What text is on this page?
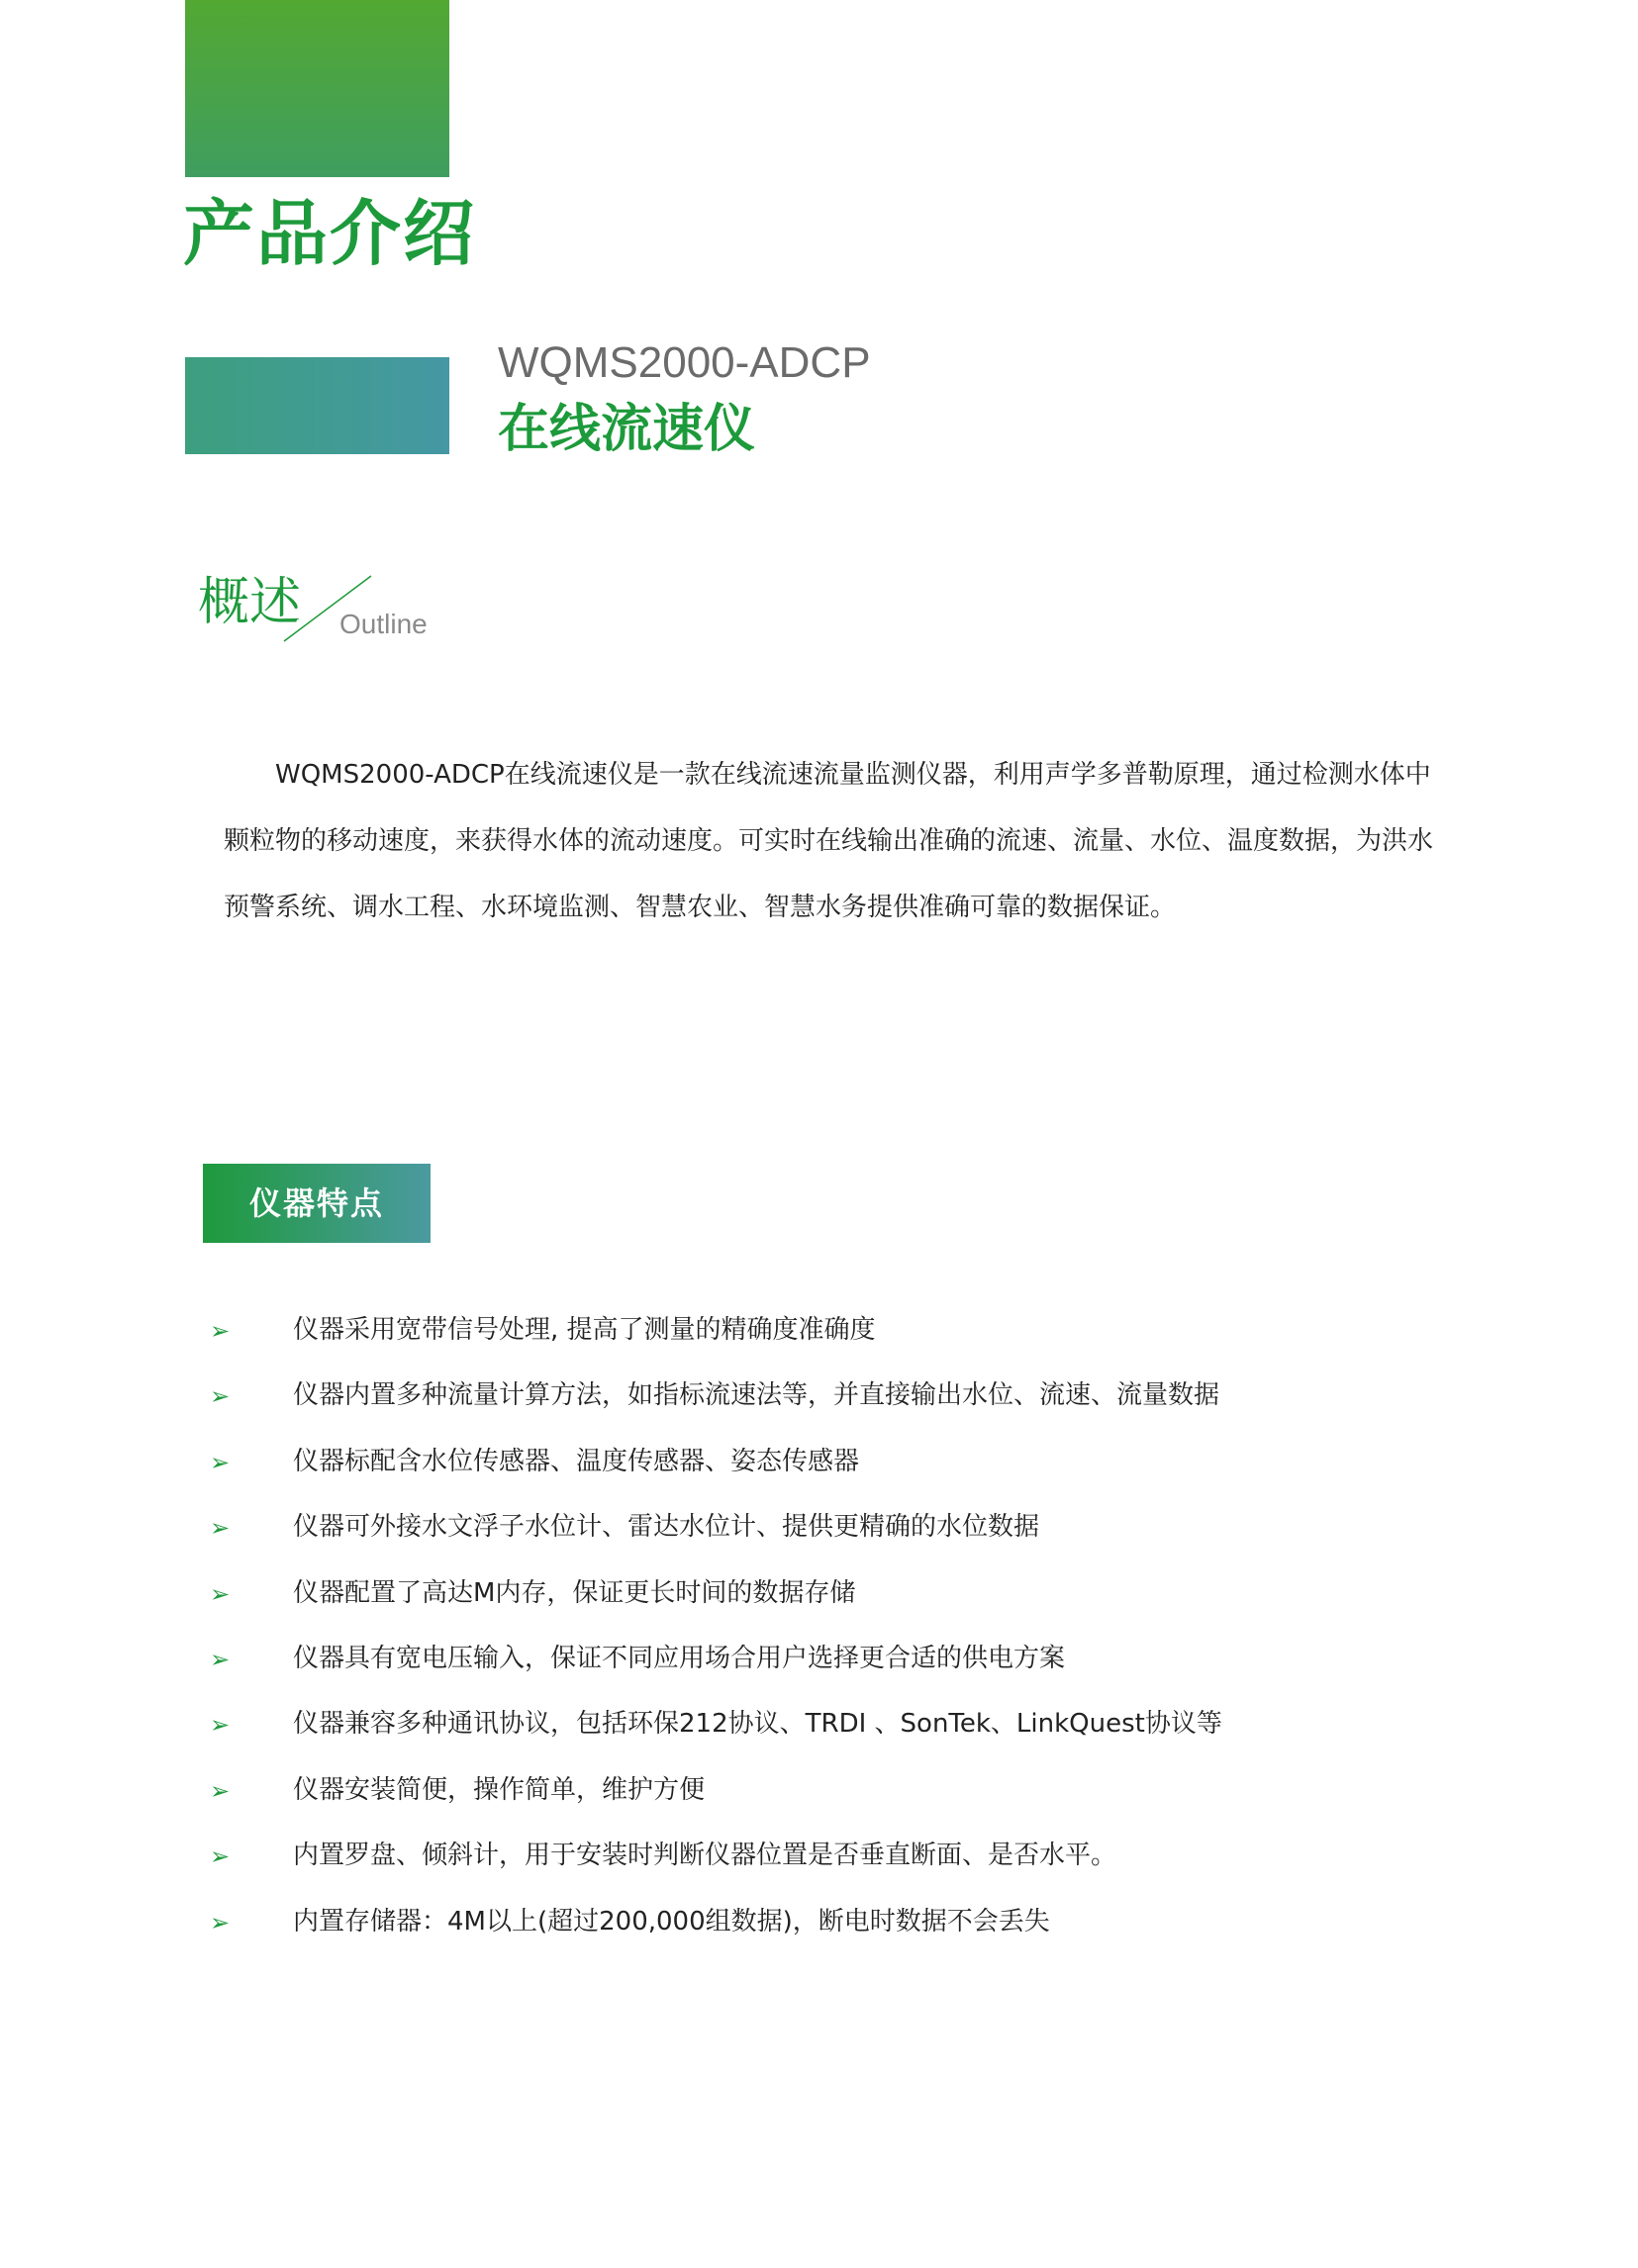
产品介绍
WQMS2000-ADCP
在线流速仪
概述 Outline

WQMS2000-ADCP在线流速仪是一款在线流速流量监测仪器，利用声学多普勒原理，通过检测水体中颗粒物的移动速度，来获得水体的流动速度。可实时在线输出准确的流速、流量、水位、温度数据，为洪水预警系统、调水工程、水环境监测、智慧农业、智慧水务提供准确可靠的数据保证。

仪器特点
➢	仪器采用宽带信号处理, 提高了测量的精确度准确度
➢	仪器内置多种流量计算方法，如指标流速法等，并直接输出水位、流速、流量数据
➢	仪器标配含水位传感器、温度传感器、姿态传感器
➢	仪器可外接水文浮子水位计、雷达水位计、提供更精确的水位数据
➢	仪器配置了高达M内存，保证更长时间的数据存储
➢	仪器具有宽电压输入，保证不同应用场合用户选择更合适的供电方案
➢	仪器兼容多种通讯协议，包括环保212协议、TRDI 、SonTek、LinkQuest协议等
➢	仪器安装简便，操作简单，维护方便
➢	内置罗盘、倾斜计，用于安装时判断仪器位置是否垂直断面、是否水平。
➢	内置存储器：4M以上(超过200,000组数据)，断电时数据不会丢失
